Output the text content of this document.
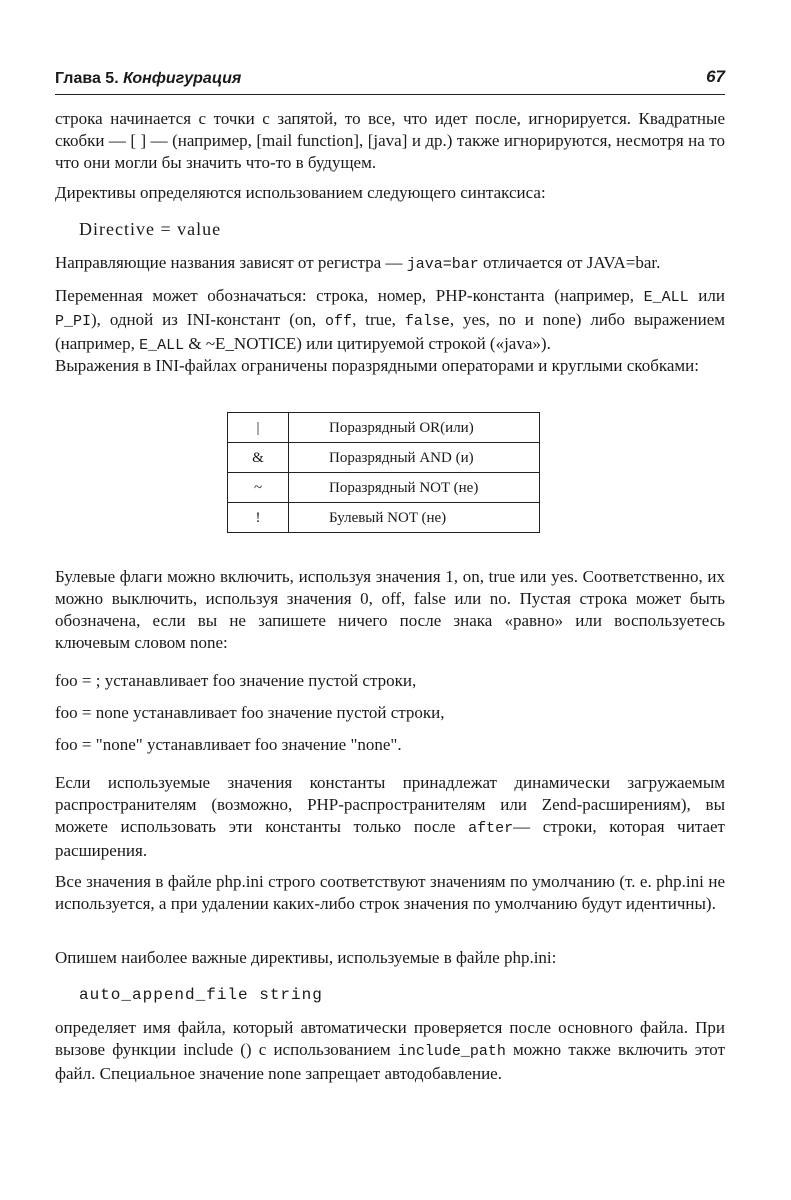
Глава 5. Конфигурация	67

строка начинается с точки с запятой, то все, что идет после, игнорируется. Квадратные скобки — [ ] — (например, [mail function], [java] и др.) также игнорируются, несмотря на то что они могли бы значить что-то в будущем.

Директивы определяются использованием следующего синтаксиса:

Directive = value

Направляющие названия зависят от регистра — java=bar отличается от JAVA=bar.

Переменная может обозначаться: строка, номер, PHP-константа (например, E_ALL или P_PI), одной из INI-констант (on, off, true, false, yes, no и none) либо выражением (например, E_ALL & ~E_NOTICE) или цитируемой строкой («java»).

Выражения в INI-файлах ограничены поразрядными операторами и круглыми скобками:

|	Поразрядный OR(или)
&	Поразрядный AND (и)
~	Поразрядный NOT (не)
!	Булевый NOT (не)

Булевые флаги можно включить, используя значения 1, on, true или yes. Соответственно, их можно выключить, используя значения 0, off, false или no. Пустая строка может быть обозначена, если вы не запишете ничего после знака «равно» или воспользуетесь ключевым словом none:

foo = ; устанавливает foo значение пустой строки,
foo = none устанавливает foo значение пустой строки,
foo = "none" устанавливает foo значение "none".

Если используемые значения константы принадлежат динамически загружаемым распространителям (возможно, PHP-распространителям или Zend-расширениям), вы можете использовать эти константы только после after— строки, которая читает расширения.

Все значения в файле php.ini строго соответствуют значениям по умолчанию (т. е. php.ini не используется, а при удалении каких-либо строк значения по умолчанию будут идентичны).

Опишем наиболее важные директивы, используемые в файле php.ini:

auto_append_file string

определяет имя файла, который автоматически проверяется после основного файла. При вызове функции include () с использованием include_path можно также включить этот файл. Специальное значение none запрещает автодобавление.
